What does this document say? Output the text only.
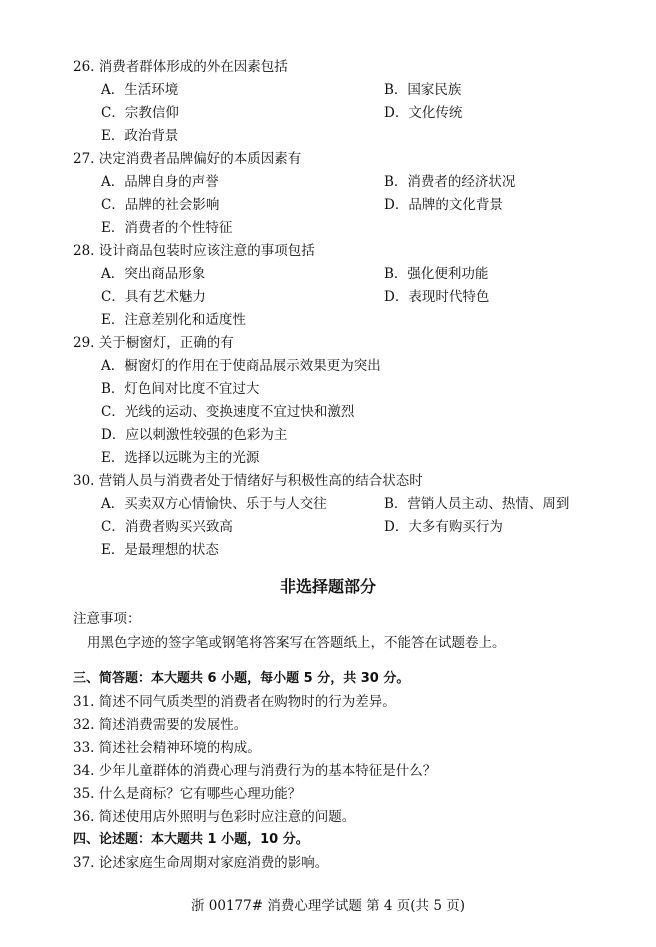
26. 消费者群体形成的外在因素包括
A．生活环境	B．国家民族
C．宗教信仰	D．文化传统
E．政治背景
27. 决定消费者品牌偏好的本质因素有
A．品牌自身的声誉	B．消费者的经济状况
C．品牌的社会影响	D．品牌的文化背景
E．消费者的个性特征
28. 设计商品包装时应该注意的事项包括
A．突出商品形象	B．强化便利功能
C．具有艺术魅力	D．表现时代特色
E．注意差别化和适度性
29. 关于橱窗灯，正确的有
A．橱窗灯的作用在于使商品展示效果更为突出
B．灯色间对比度不宜过大
C．光线的运动、变换速度不宜过快和激烈
D．应以刺激性较强的色彩为主
E．选择以远眺为主的光源
30. 营销人员与消费者处于情绪好与积极性高的结合状态时
A．买卖双方心情愉快、乐于与人交往	B．营销人员主动、热情、周到
C．消费者购买兴致高	D．大多有购买行为
E．是最理想的状态
非选择题部分
注意事项：
用黑色字迹的签字笔或钢笔将答案写在答题纸上，不能答在试题卷上。
三、简答题：本大题共 6 小题，每小题 5 分，共 30 分。
31. 简述不同气质类型的消费者在购物时的行为差异。
32. 简述消费需要的发展性。
33. 简述社会精神环境的构成。
34. 少年儿童群体的消费心理与消费行为的基本特征是什么？
35. 什么是商标？它有哪些心理功能？
36. 简述使用店外照明与色彩时应注意的问题。
四、论述题：本大题共 1 小题，10 分。
37. 论述家庭生命周期对家庭消费的影响。
浙 00177# 消费心理学试题 第 4 页(共 5 页)
